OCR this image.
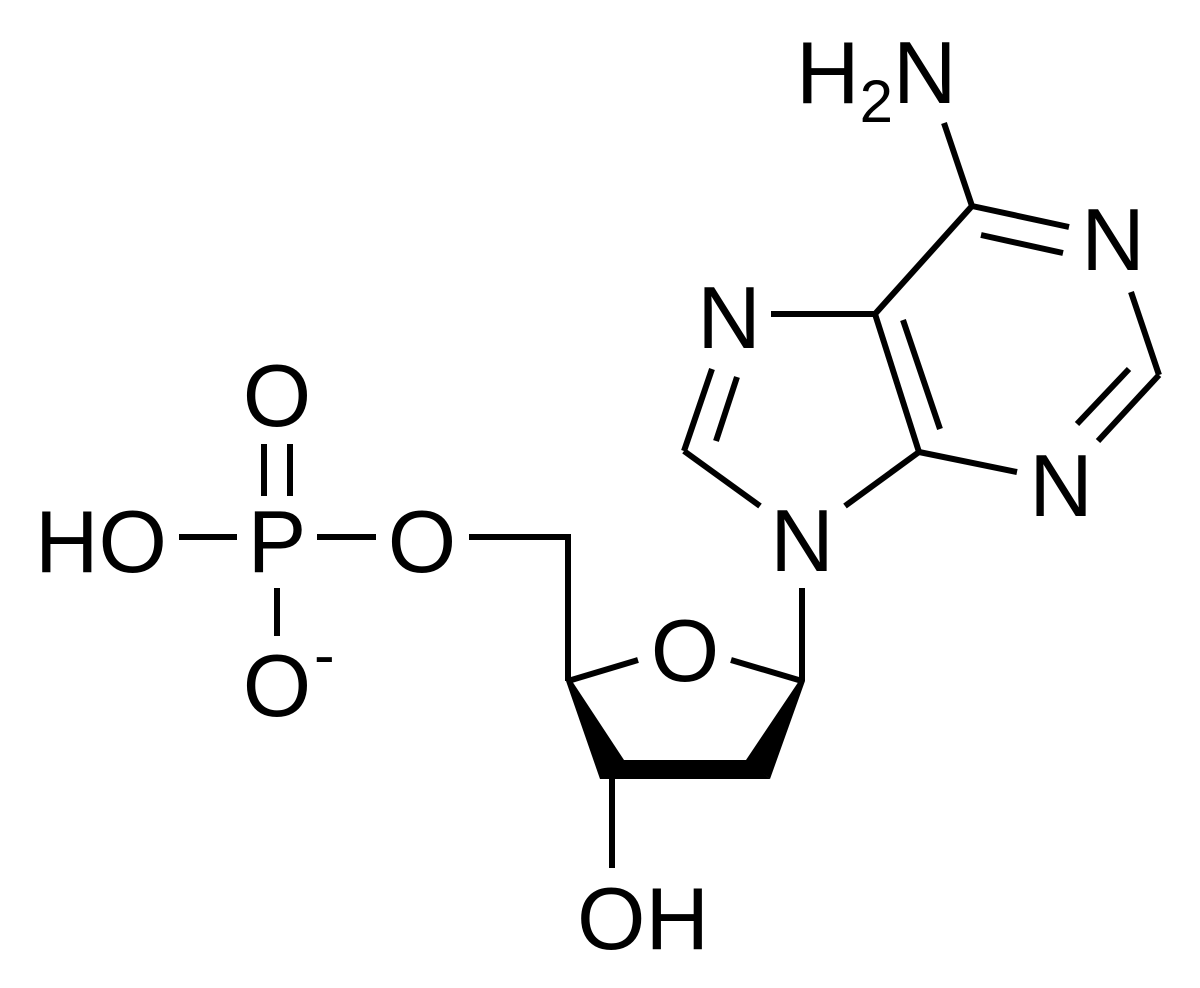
P
O
O -
HO	O
O
OH
N
N
N
N
H2N
